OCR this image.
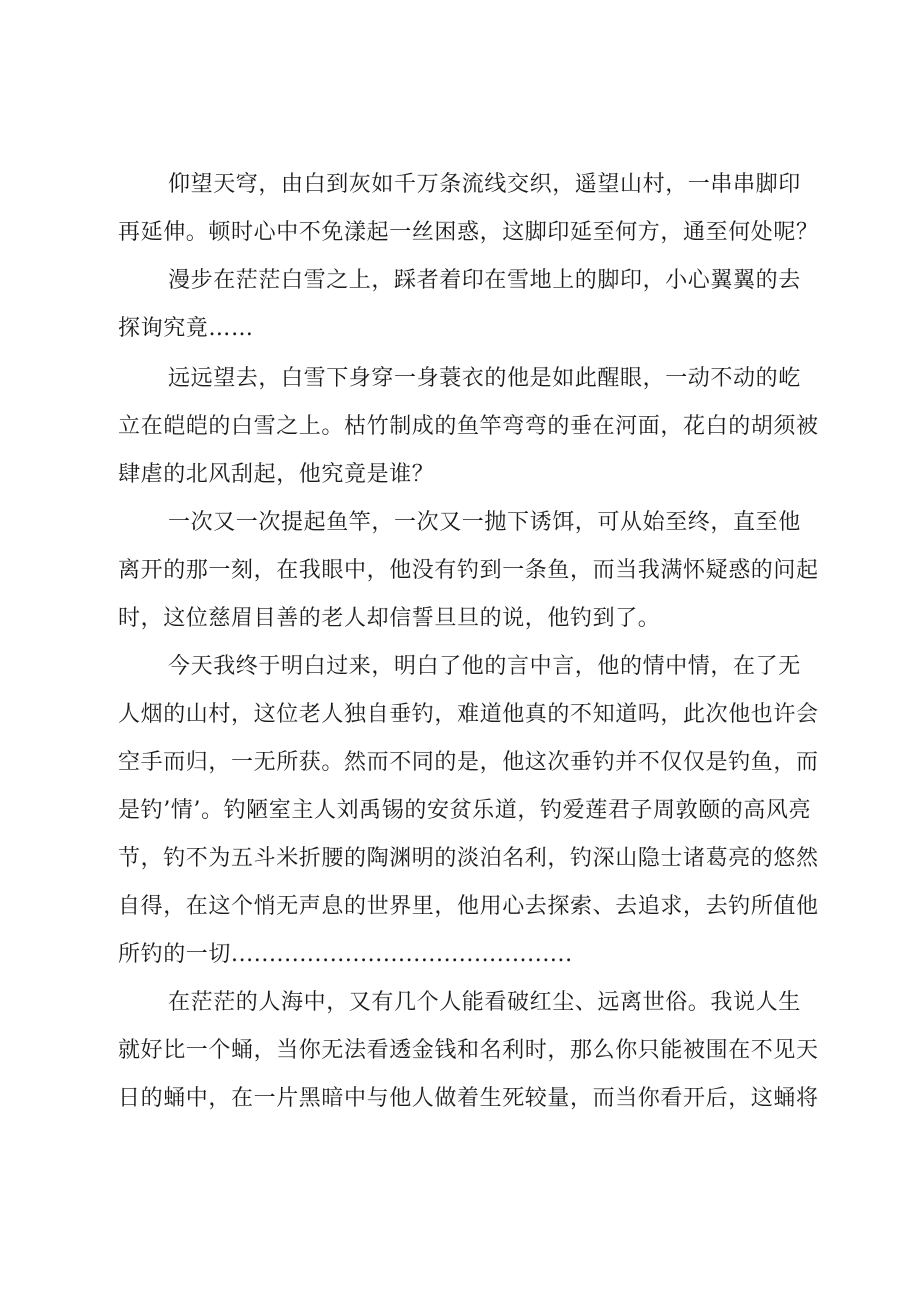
仰望天穹，由白到灰如千万条流线交织，遥望山村，一串串脚印
再延伸。顿时心中不免漾起一丝困惑，这脚印延至何方，通至何处呢？
漫步在茫茫白雪之上，踩者着印在雪地上的脚印，小心翼翼的去
探询究竟……
远远望去，白雪下身穿一身蓑衣的他是如此醒眼，一动不动的屹
立在皑皑的白雪之上。枯竹制成的鱼竿弯弯的垂在河面，花白的胡须被
肆虐的北风刮起，他究竟是谁？
一次又一次提起鱼竿，一次又一抛下诱饵，可从始至终，直至他
离开的那一刻，在我眼中，他没有钓到一条鱼，而当我满怀疑惑的问起
时，这位慈眉目善的老人却信誓旦旦的说，他钓到了。
今天我终于明白过来，明白了他的言中言，他的情中情，在了无
人烟的山村，这位老人独自垂钓，难道他真的不知道吗，此次他也许会
空手而归，一无所获。然而不同的是，他这次垂钓并不仅仅是钓鱼，而
是钓’情’。钓陋室主人刘禹锡的安贫乐道，钓爱莲君子周敦颐的高风亮
节，钓不为五斗米折腰的陶渊明的淡泊名利，钓深山隐士诸葛亮的悠然
自得，在这个悄无声息的世界里，他用心去探索、去追求，去钓所值他
所钓的一切.............................................
在茫茫的人海中，又有几个人能看破红尘、远离世俗。我说人生
就好比一个蛹，当你无法看透金钱和名利时，那么你只能被围在不见天
日的蛹中，在一片黑暗中与他人做着生死较量，而当你看开后，这蛹将
